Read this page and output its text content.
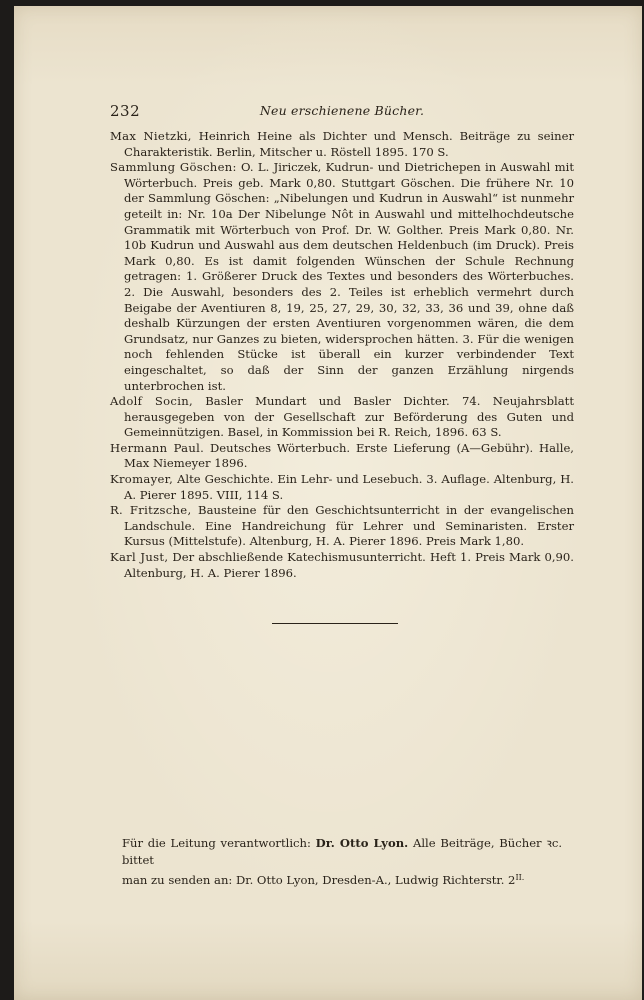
232	Neu erschienene Bücher.
Max Nietzki, Heinrich Heine als Dichter und Mensch. Beiträge zu seiner Charakteristik. Berlin, Mitscher u. Röstell 1895. 170 S.
Sammlung Göschen: O. L. Jiriczek, Kudrun- und Dietrichepen in Auswahl mit Wörterbuch. Preis geb. Mark 0,80. Stuttgart Göschen. Die frühere Nr. 10 der Sammlung Göschen: „Nibelungen und Kudrun in Auswahl“ ist nunmehr geteilt in: Nr. 10a Der Nibelunge Nôt in Auswahl und mittelhochdeutsche Grammatik mit Wörterbuch von Prof. Dr. W. Golther. Preis Mark 0,80. Nr. 10b Kudrun und Auswahl aus dem deutschen Heldenbuch (im Druck). Preis Mark 0,80. Es ist damit folgenden Wünschen der Schule Rechnung getragen: 1. Größerer Druck des Textes und besonders des Wörterbuches. 2. Die Auswahl, besonders des 2. Teiles ist erheblich vermehrt durch Beigabe der Aventiuren 8, 19, 25, 27, 29, 30, 32, 33, 36 und 39, ohne daß deshalb Kürzungen der ersten Aventiuren vorgenommen wären, die dem Grundsatz, nur Ganzes zu bieten, widersprochen hätten. 3. Für die wenigen noch fehlenden Stücke ist überall ein kurzer verbindender Text eingeschaltet, so daß der Sinn der ganzen Erzählung nirgends unterbrochen ist.
Adolf Socin, Basler Mundart und Basler Dichter. 74. Neujahrsblatt herausgegeben von der Gesellschaft zur Beförderung des Guten und Gemeinnützigen. Basel, in Kommission bei R. Reich, 1896. 63 S.
Hermann Paul. Deutsches Wörterbuch. Erste Lieferung (A—Gebühr). Halle, Max Niemeyer 1896.
Kromayer, Alte Geschichte. Ein Lehr- und Lesebuch. 3. Auflage. Altenburg, H. A. Pierer 1895. VIII, 114 S.
R. Fritzsche, Bausteine für den Geschichtsunterricht in der evangelischen Landschule. Eine Handreichung für Lehrer und Seminaristen. Erster Kursus (Mittelstufe). Altenburg, H. A. Pierer 1896. Preis Mark 1,80.
Karl Just, Der abschließende Katechismusunterricht. Heft 1. Preis Mark 0,90. Altenburg, H. A. Pierer 1896.
Für die Leitung verantwortlich: Dr. Otto Lyon. Alle Beiträge, Bücher ꝛc. bittet
man zu senden an: Dr. Otto Lyon, Dresden-A., Ludwig Richterstr. $2^{II.}$
